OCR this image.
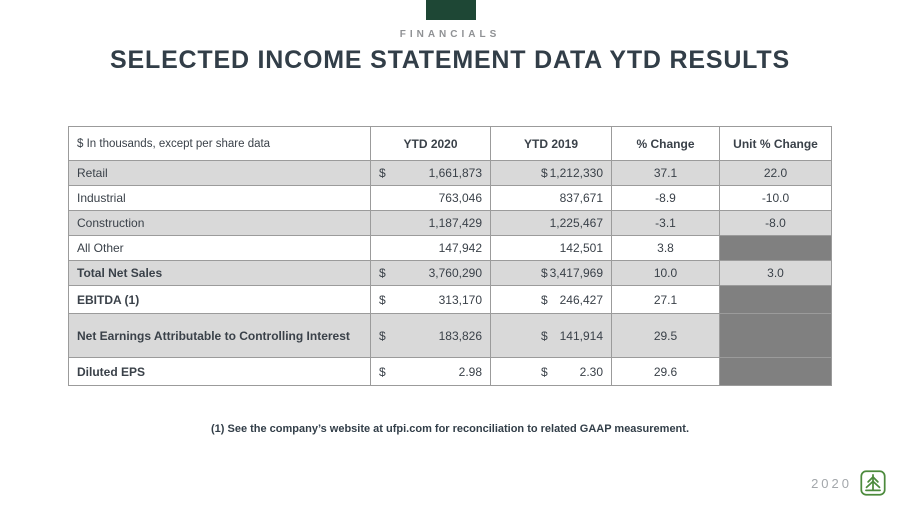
FINANCIALS
SELECTED INCOME STATEMENT DATA YTD RESULTS
$ In thousands, except per share data	YTD 2020	YTD 2019	% Change	Unit % Change
Retail	$ 1,661,873	$ 1,212,330	37.1	22.0
Industrial	763,046	837,671	-8.9	-10.0
Construction	1,187,429	1,225,467	-3.1	-8.0
All Other	147,942	142,501	3.8	
Total Net Sales	$ 3,760,290	$ 3,417,969	10.0	3.0
EBITDA (1)	$ 313,170	$ 246,427	27.1	
Net Earnings Attributable to Controlling Interest	$ 183,826	$ 141,914	29.5	
Diluted EPS	$ 2.98	$ 2.30	29.6	
(1) See the company’s website at ufpi.com for reconciliation to related GAAP measurement.
2020
